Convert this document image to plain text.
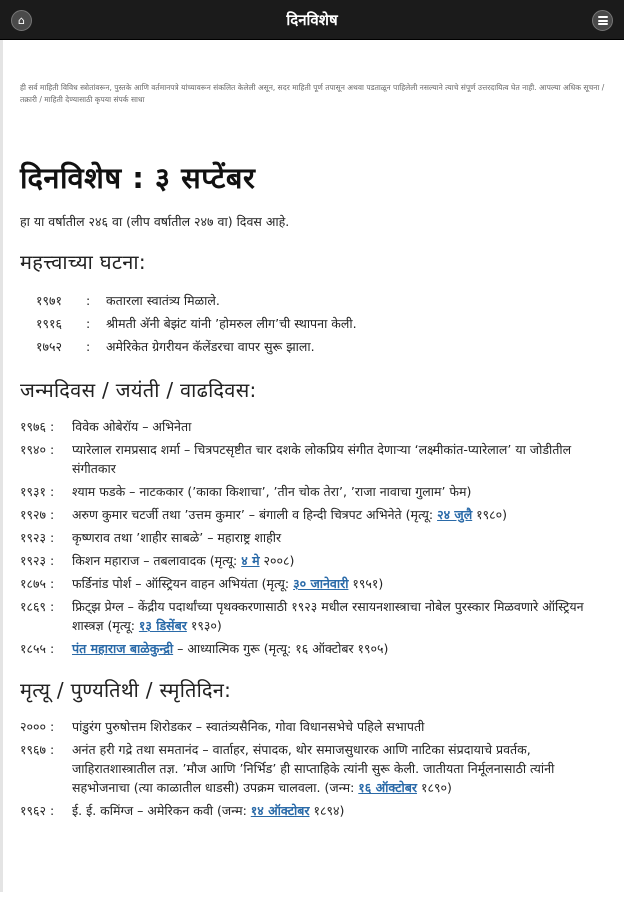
⌂	दिनविशेष
ही सर्व माहिती विविध स्त्रोतांवरून, पुस्तके आणि वर्तमानपत्रे यांच्यावरून संकलित केलेली असून, सदर माहिती पूर्ण तपासून अथवा पडताळून पाहिलेली नसल्याने त्याचे संपूर्ण उत्तरदायित्व घेत नाही. आपल्या अधिक सूचना / तक्रारी / माहिती देण्यासाठी कृपया संपर्क साधा
दिनविशेष : ३ सप्टेंबर
हा या वर्षातील २४६ वा (लीप वर्षातील २४७ वा) दिवस आहे.
महत्त्वाच्या घटना:
१९७१ : कतारला स्वातंत्र्य मिळाले.
१९१६ : श्रीमती अ‍ॅनी बेझंट यांनी ’होमरुल लीग’ची स्थापना केली.
१७५२ : अमेरिकेत ग्रेगरीयन कॅलेंडरचा वापर सुरू झाला.
जन्मदिवस / जयंती / वाढदिवस:
१९७६ :	विवेक ओबेरॉय – अभिनेता
१९४० :	प्यारेलाल रामप्रसाद शर्मा – चित्रपटसृष्टीत चार दशके लोकप्रिय संगीत देणाऱ्या ‘लक्ष्मीकांत-प्यारेलाल’ या जोडीतील संगीतकार
१९३१ :	श्याम फडके – नाटककार (’काका किशाचा’, ’तीन चोक तेरा’, ’राजा नावाचा गुलाम’ फेम)
१९२७ :	अरुण कुमार चटर्जी तथा ’उत्तम कुमार’ – बंगाली व हिन्दी चित्रपट अभिनेते (मृत्यू: २४ जुलै १९८०)
१९२३ :	कृष्णराव तथा ’शाहीर साबळे’ – महाराष्ट्र शाहीर
१९२३ :	किशन महाराज – तबलावादक (मृत्यू: ४ मे २००८)
१८७५ :	फर्डिनांड पोर्श – ऑस्ट्रियन वाहन अभियंता (मृत्यू: ३० जानेवारी १९५१)
१८६९ :	फ्रिट्झ प्रेग्ल – केंद्रीय पदार्थांच्या पृथक्करणासाठी १९२३ मधील रसायनशास्त्राचा नोबेल पुरस्कार मिळवणारे ऑस्ट्रियन शास्त्रज्ञ (मृत्यू: १३ डिसेंबर १९३०)
१८५५ :	पंत महाराज बाळेकुन्द्री – आध्यात्मिक गुरू (मृत्यू: १६ ऑक्टोबर १९०५)
मृत्यू / पुण्यतिथी / स्मृतिदिन:
२००० :	पांडुरंग पुरुषोत्तम शिरोडकर – स्वातंत्र्यसैनिक, गोवा विधानसभेचे पहिले सभापती
१९६७ :	अनंत हरी गद्रे तथा समतानंद – वार्ताहर, संपादक, थोर समाजसुधारक आणि नाटिका संप्रदायाचे प्रवर्तक, जाहिरातशास्त्रातील तज्ञ. ’मौज आणि ’निर्भिड’ ही साप्ताहिके त्यांनी सुरू केली. जातीयता निर्मूलनासाठी त्यांनी सहभोजनाचा (त्या काळातील धाडसी) उपक्रम चालवला. (जन्म: १६ ऑक्टोबर १८९०)
१९६२ :	ई. ई. कमिंग्ज – अमेरिकन कवी (जन्म: १४ ऑक्टोबर १८९४)
